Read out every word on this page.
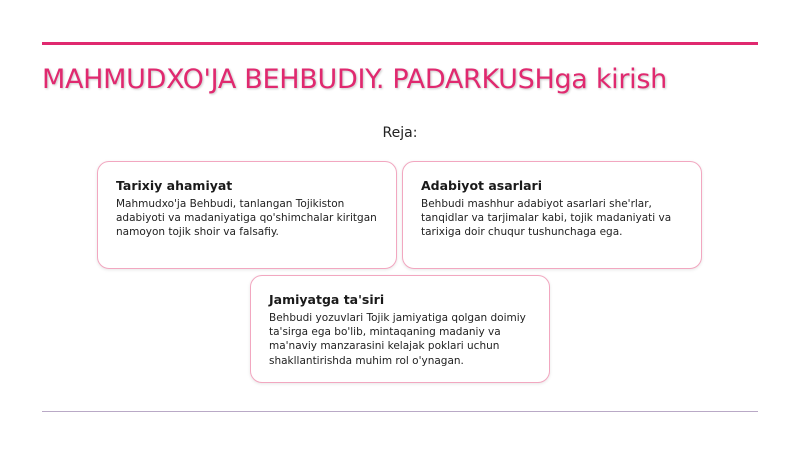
MAHMUDXO'JA BEHBUDIY. PADARKUSHga kirish
Reja:
Tarixiy ahamiyat

Mahmudxo'ja Behbudi, tanlangan Tojikiston adabiyoti va madaniyatiga qo'shimchalar kiritgan namoyon tojik shoir va falsafiy.

Adabiyot asarlari

Behbudi mashhur adabiyot asarlari she'rlar, tanqidlar va tarjimalar kabi, tojik madaniyati va tarixiga doir chuqur tushunchaga ega.

Jamiyatga ta'siri

Behbudi yozuvlari Tojik jamiyatiga qolgan doimiy ta'sirga ega bo'lib, mintaqaning madaniy va ma'naviy manzarasini kelajak poklari uchun shakllantirishda muhim rol o'ynagan.
